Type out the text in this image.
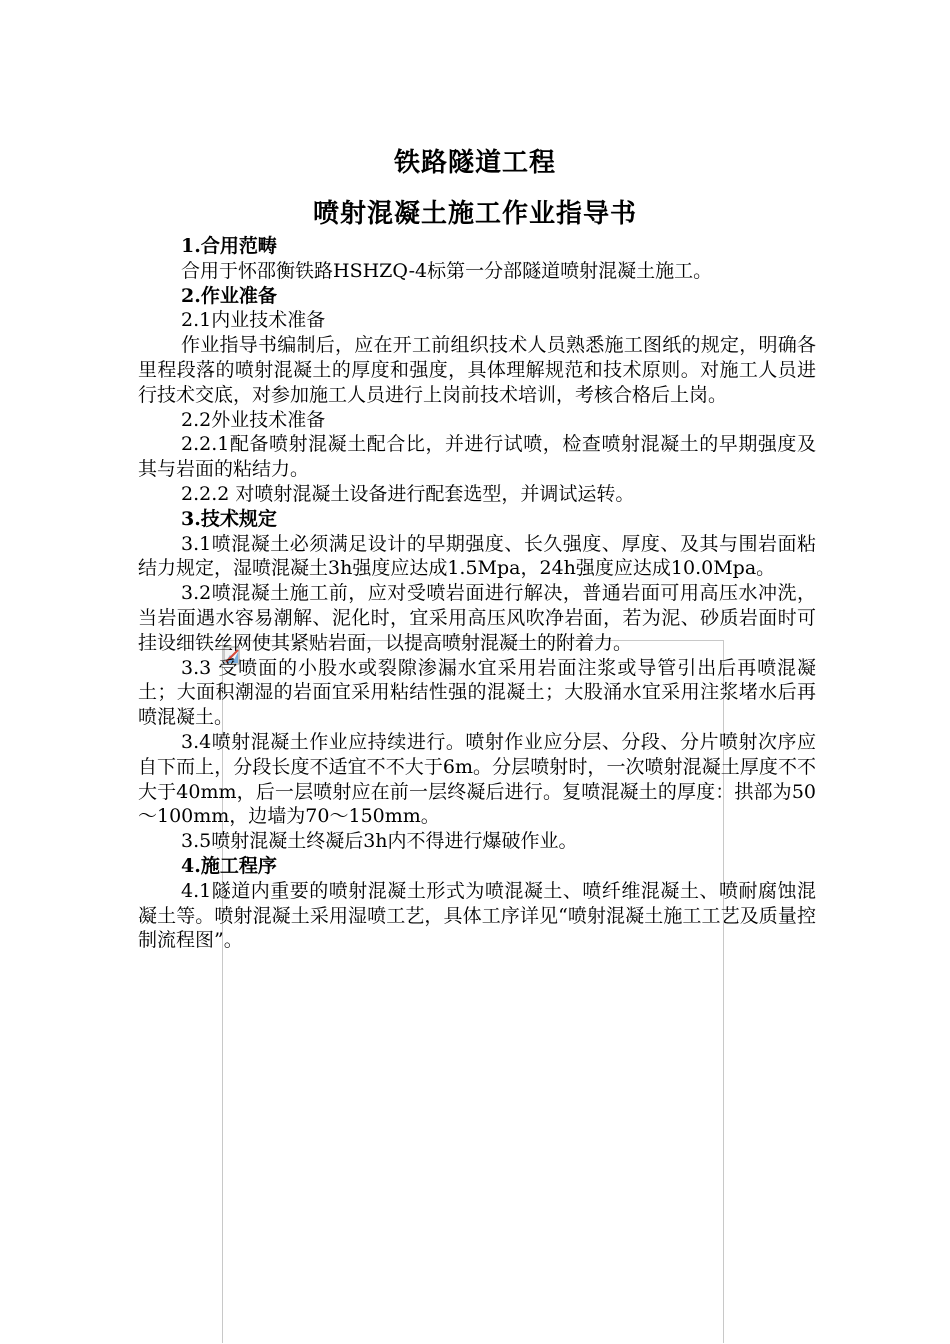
铁路隧道工程
喷射混凝土施工作业指导书

1.合用范畴

合用于怀邵衡铁路HSHZQ-4标第一分部隧道喷射混凝土施工。

2.作业准备

2.1内业技术准备

作业指导书编制后，应在开工前组织技术人员熟悉施工图纸的规定，明确各里程段落的喷射混凝土的厚度和强度，具体理解规范和技术原则。对施工人员进行技术交底，对参加施工人员进行上岗前技术培训，考核合格后上岗。

2.2外业技术准备

2.2.1配备喷射混凝土配合比，并进行试喷，检查喷射混凝土的早期强度及其与岩面的粘结力。

2.2.2 对喷射混凝土设备进行配套选型，并调试运转。

3.技术规定

3.1喷混凝土必须满足设计的早期强度、长久强度、厚度、及其与围岩面粘结力规定，湿喷混凝土3h强度应达成1.5Mpa，24h强度应达成10.0Mpa。

3.2喷混凝土施工前，应对受喷岩面进行解决，普通岩面可用高压水冲洗，当岩面遇水容易潮解、泥化时，宜采用高压风吹净岩面，若为泥、砂质岩面时可挂设细铁丝网使其紧贴岩面，以提高喷射混凝土的附着力。

3.3 受喷面的小股水或裂隙渗漏水宜采用岩面注浆或导管引出后再喷混凝土；大面积潮湿的岩面宜采用粘结性强的混凝土；大股涌水宜采用注浆堵水后再喷混凝土。

3.4喷射混凝土作业应持续进行。喷射作业应分层、分段、分片喷射次序应自下而上，分段长度不适宜不不大于6m。分层喷射时，一次喷射混凝土厚度不不大于40mm，后一层喷射应在前一层终凝后进行。复喷混凝土的厚度：拱部为50～100mm，边墙为70～150mm。

3.5喷射混凝土终凝后3h内不得进行爆破作业。

4.施工程序

4.1隧道内重要的喷射混凝土形式为喷混凝土、喷纤维混凝土、喷耐腐蚀混凝土等。喷射混凝土采用湿喷工艺，具体工序详见“喷射混凝土施工工艺及质量控制流程图”。
